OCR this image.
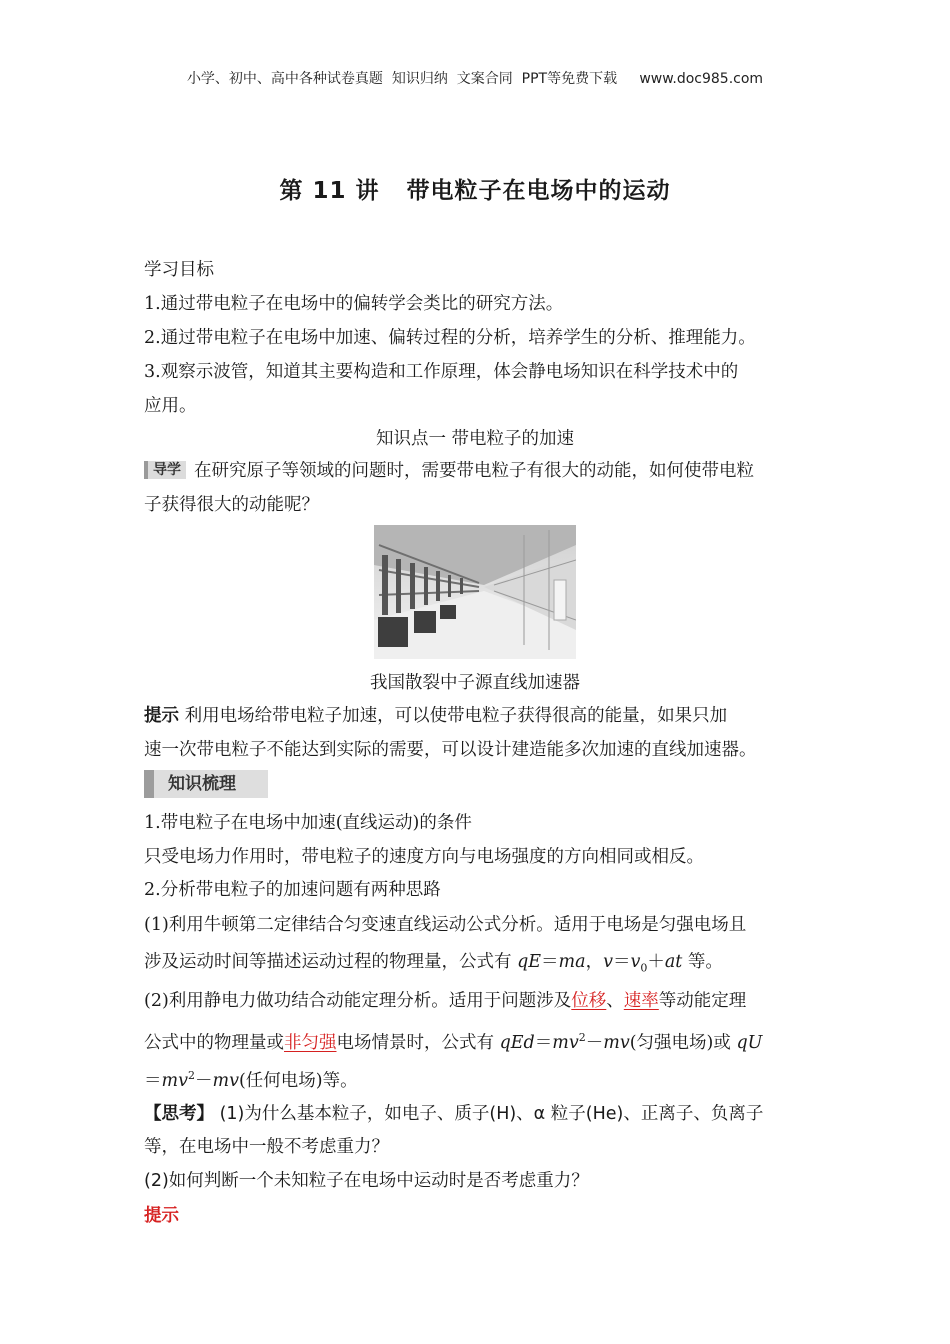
小学、初中、高中各种试卷真题  知识归纳  文案合同  PPT等免费下载     www.doc985.com
第 11 讲   带电粒子在电场中的运动
学习目标
1.通过带电粒子在电场中的偏转学会类比的研究方法。
2.通过带电粒子在电场中加速、偏转过程的分析，培养学生的分析、推理能力。
3.观察示波管，知道其主要构造和工作原理，体会静电场知识在科学技术中的
应用。
知识点一 带电粒子的加速
导学 在研究原子等领域的问题时，需要带电粒子有很大的动能，如何使带电粒
子获得很大的动能呢？
我国散裂中子源直线加速器
提示 利用电场给带电粒子加速，可以使带电粒子获得很高的能量，如果只加
速一次带电粒子不能达到实际的需要，可以设计建造能多次加速的直线加速器。
知识梳理
1.带电粒子在电场中加速(直线运动)的条件
只受电场力作用时，带电粒子的速度方向与电场强度的方向相同或相反。
2.分析带电粒子的加速问题有两种思路
(1)利用牛顿第二定律结合匀变速直线运动公式分析。适用于电场是匀强电场且
涉及运动时间等描述运动过程的物理量，公式有 qE＝ma，$v=v_0+at$ 等。
(2)利用静电力做功结合动能定理分析。适用于问题涉及位移、速率等动能定理
公式中的物理量或非匀强电场情景时，公式有 $qEd=mv^2-mv$(匀强电场)或 qU
$=mv^2-mv$(任何电场)等。
【思考】 (1)为什么基本粒子，如电子、质子(H)、α 粒子(He)、正离子、负离子
等，在电场中一般不考虑重力？
(2)如何判断一个未知粒子在电场中运动时是否考虑重力？
提示
